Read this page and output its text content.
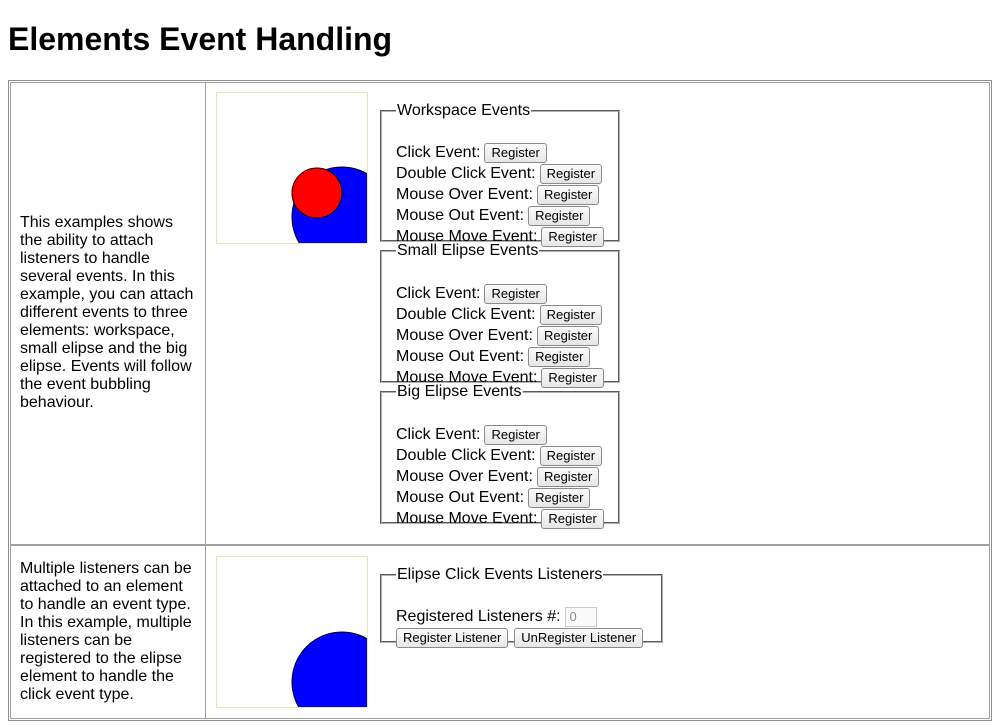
Elements Event Handling
This examples shows the ability to attach listeners to handle several events. In this example, you can attach different events to three elements: workspace, small elipse and the big elipse. Events will follow the event bubbling behaviour.
Workspace Events
Click Event: Register
Double Click Event: Register
Mouse Over Event: Register
Mouse Out Event: Register
Mouse Move Event: Register
Small Elipse Events
Click Event: Register
Double Click Event: Register
Mouse Over Event: Register
Mouse Out Event: Register
Mouse Move Event: Register
Big Elipse Events
Click Event: Register
Double Click Event: Register
Mouse Over Event: Register
Mouse Out Event: Register
Mouse Move Event: Register
Multiple listeners can be attached to an element to handle an event type. In this example, multiple listeners can be registered to the elipse element to handle the click event type.
Elipse Click Events Listeners
Registered Listeners #:
0
Register Listener	UnRegister Listener
